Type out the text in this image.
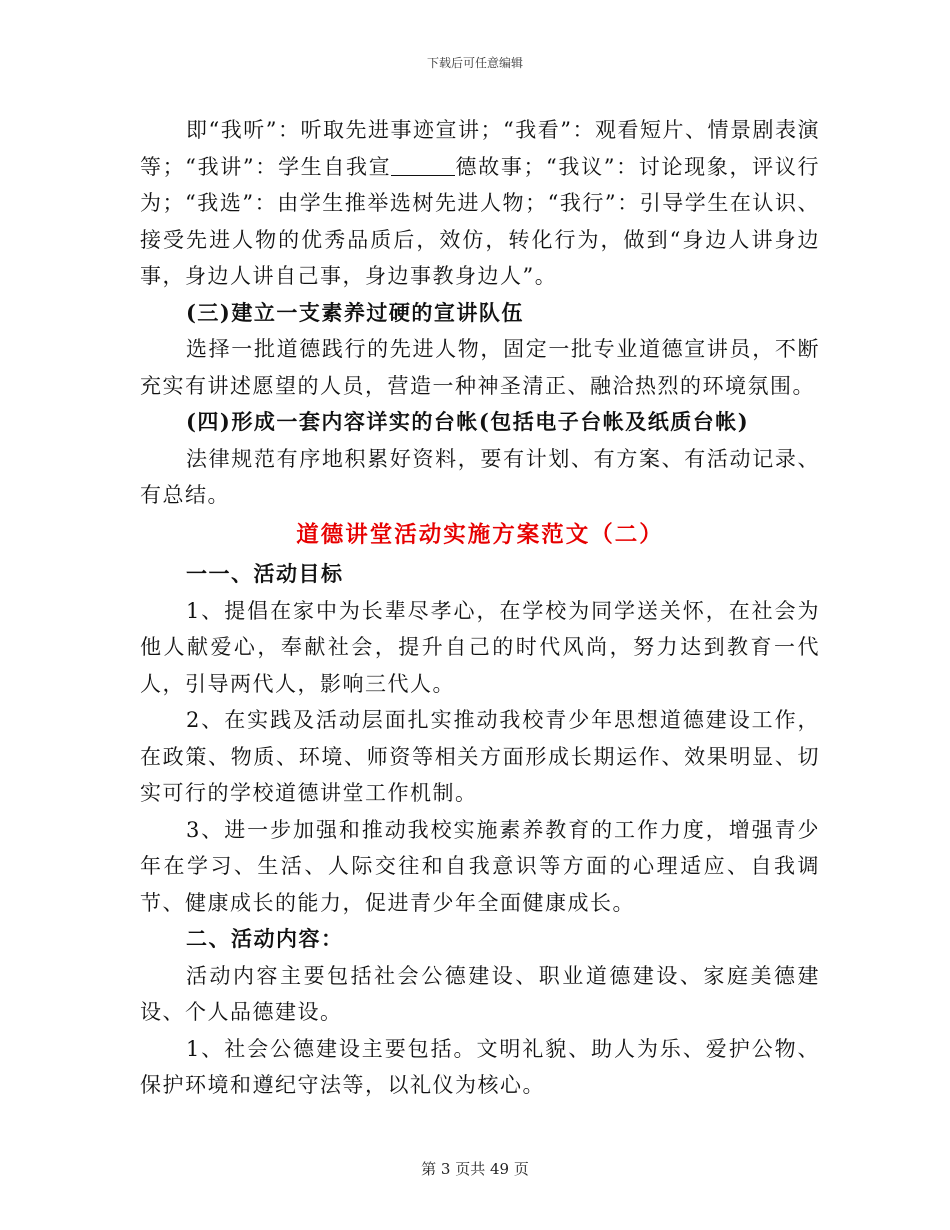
下载后可任意编辑

即“我听”：听取先进事迹宣讲；“我看”：观看短片、情景剧表演等；“我讲”：学生自我宣	德故事；“我议”：讨论现象，评议行为；“我选”：由学生推举选树先进人物；“我行”：引导学生在认识、接受先进人物的优秀品质后，效仿，转化行为，做到“身边人讲身边事，身边人讲自己事，身边事教身边人”。

(三)建立一支素养过硬的宣讲队伍

选择一批道德践行的先进人物，固定一批专业道德宣讲员，不断充实有讲述愿望的人员，营造一种神圣清正、融洽热烈的环境氛围。

(四)形成一套内容详实的台帐(包括电子台帐及纸质台帐)

法律规范有序地积累好资料，要有计划、有方案、有活动记录、有总结。

道德讲堂活动实施方案范文（二）

一一、活动目标

1、提倡在家中为长辈尽孝心，在学校为同学送关怀，在社会为他人献爱心，奉献社会，提升自己的时代风尚，努力达到教育一代人，引导两代人，影响三代人。

2、在实践及活动层面扎实推动我校青少年思想道德建设工作，在政策、物质、环境、师资等相关方面形成长期运作、效果明显、切实可行的学校道德讲堂工作机制。

3、进一步加强和推动我校实施素养教育的工作力度，增强青少年在学习、生活、人际交往和自我意识等方面的心理适应、自我调节、健康成长的能力，促进青少年全面健康成长。

二、活动内容：

活动内容主要包括社会公德建设、职业道德建设、家庭美德建设、个人品德建设。

1、社会公德建设主要包括。文明礼貌、助人为乐、爱护公物、保护环境和遵纪守法等，以礼仪为核心。

第 3 页共 49 页
